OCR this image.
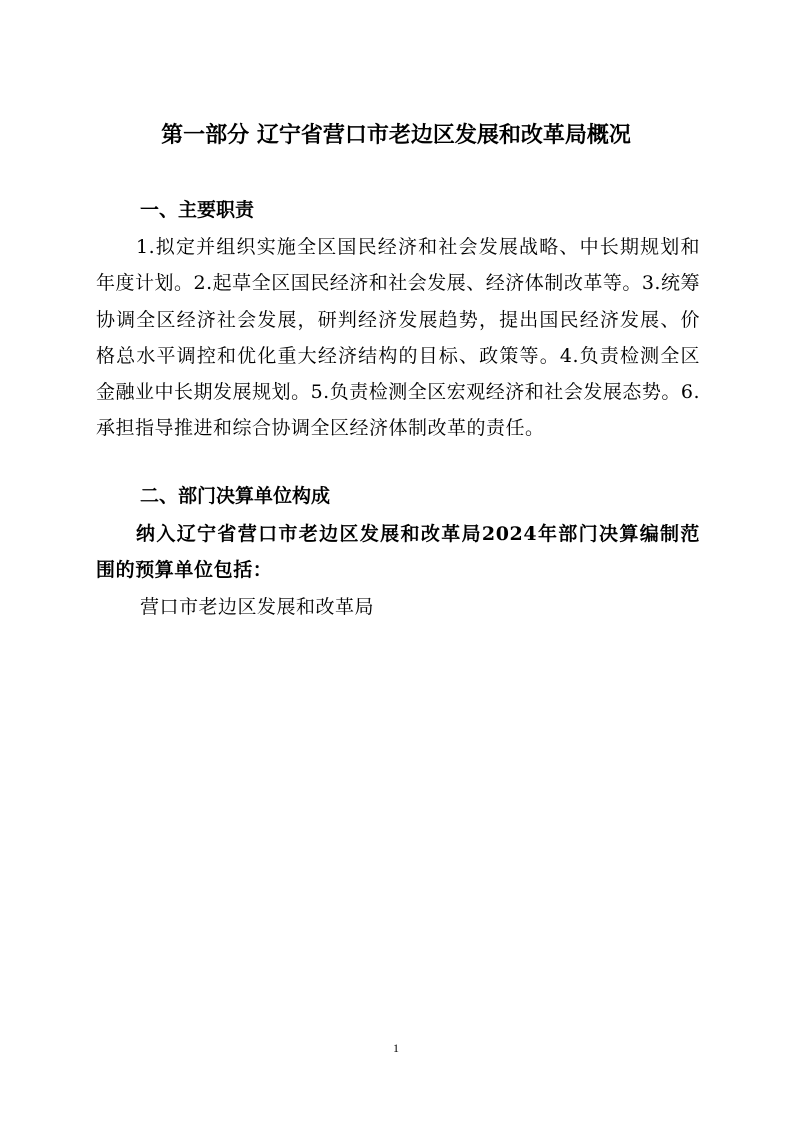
第一部分 辽宁省营口市老边区发展和改革局概况
一、主要职责

1.拟定并组织实施全区国民经济和社会发展战略、中长期规划和年度计划。2.起草全区国民经济和社会发展、经济体制改革等。3.统筹协调全区经济社会发展，研判经济发展趋势，提出国民经济发展、价格总水平调控和优化重大经济结构的目标、政策等。4.负责检测全区金融业中长期发展规划。5.负责检测全区宏观经济和社会发展态势。6.承担指导推进和综合协调全区经济体制改革的责任。

二、部门决算单位构成

纳入辽宁省营口市老边区发展和改革局2024年部门决算编制范围的预算单位包括：

营口市老边区发展和改革局

1
